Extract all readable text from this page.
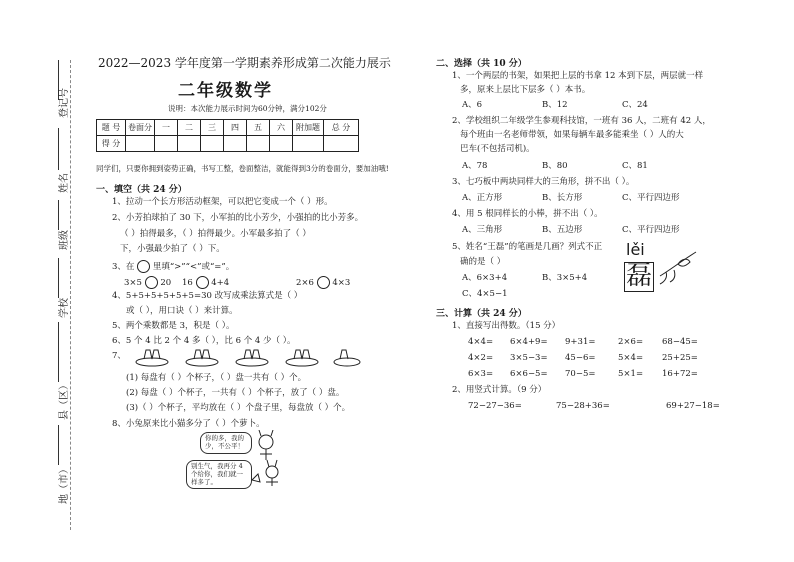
登记号
姓名
班级
学校
县（区）
地（市）
2022—2023 学年度第一学期素养形成第二次能力展示
二年级数学
说明：本次能力展示时间为60分钟，满分102分
题 号	卷面分	一	二	三	四	五	六	附加题	总 分
得 分									
同学们，只要你拥到姿势正确，书写工整，卷面整洁，就能得到3分的卷面分，要加油哦!
一、填空（共 24 分）
1、拉动一个长方形活动框架，可以把它变成一个（ ）形。
2、小芳拍球拍了 30 下，小军拍的比小芳少，小强拍的比小芳多。
（ ）拍得最多，（ ）拍得最少。小军最多拍了（ ）
下，小强最少拍了（ ）下。
3、在 里填“>”“<”或“=”。
3×5 20 16 4+4	2×6 4×3
4、5+5+5+5+5+5=30 改写成乘法算式是（ ）
或（ ），用口诀（ ）来计算。
5、两个乘数都是 3，积是（ ）。
6、5 个 4 比 2 个 4 多（ ），比 6 个 4 少（ ）。
7、
(1) 每盘有（ ）个杯子，（ ）盘一共有（ ）个。
(2) 每盘（ ）个杯子，一共有（ ）个杯子，放了（ ）盘。
(3)（ ）个杯子，平均放在（ ）个盘子里，每盘放（ ）个。
8、小兔原来比小猫多分了（ ）个萝卜。
你的多，我的少，不公平！
别生气，我再分 4 个给你，我们就一样多了。
二、选择（共 10 分）
1、一个两层的书架，如果把上层的书拿 12 本到下层，两层就一样
多，原来上层比下层多（ ）本书。
A、6	B、12	C、24
2、学校组织二年级学生参观科技馆，一班有 36 人，二班有 42 人，
每个班由一名老师带领，如果每辆车最多能乘坐（ ）人的大
巴车(不包括司机)。
A、78	B、80	C、81
3、七巧板中两块同样大的三角形，拼不出（ ）。
A、正方形	B、长方形	C、平行四边形
4、用 5 根同样长的小棒，拼不出（ ）。
A、三角形	B、五边形	C、平行四边形
5、姓名“王磊”的笔画是几画？列式不正
确的是（ ）
A、6×3+4	B、3×5+4
C、4×5−1
lěi
磊
三、计算（共 24 分）
1、直接写出得数。（15 分）
4×4= 6×4+9= 9+31=	2×6= 68−45=
4×2= 3×5−3= 45−6=	5×4= 25+25=
6×3= 6×6−5= 70−5=	5×1= 16+72=
2、用竖式计算。（9 分）
72−27−36=	75−28+36=	69+27−18=
